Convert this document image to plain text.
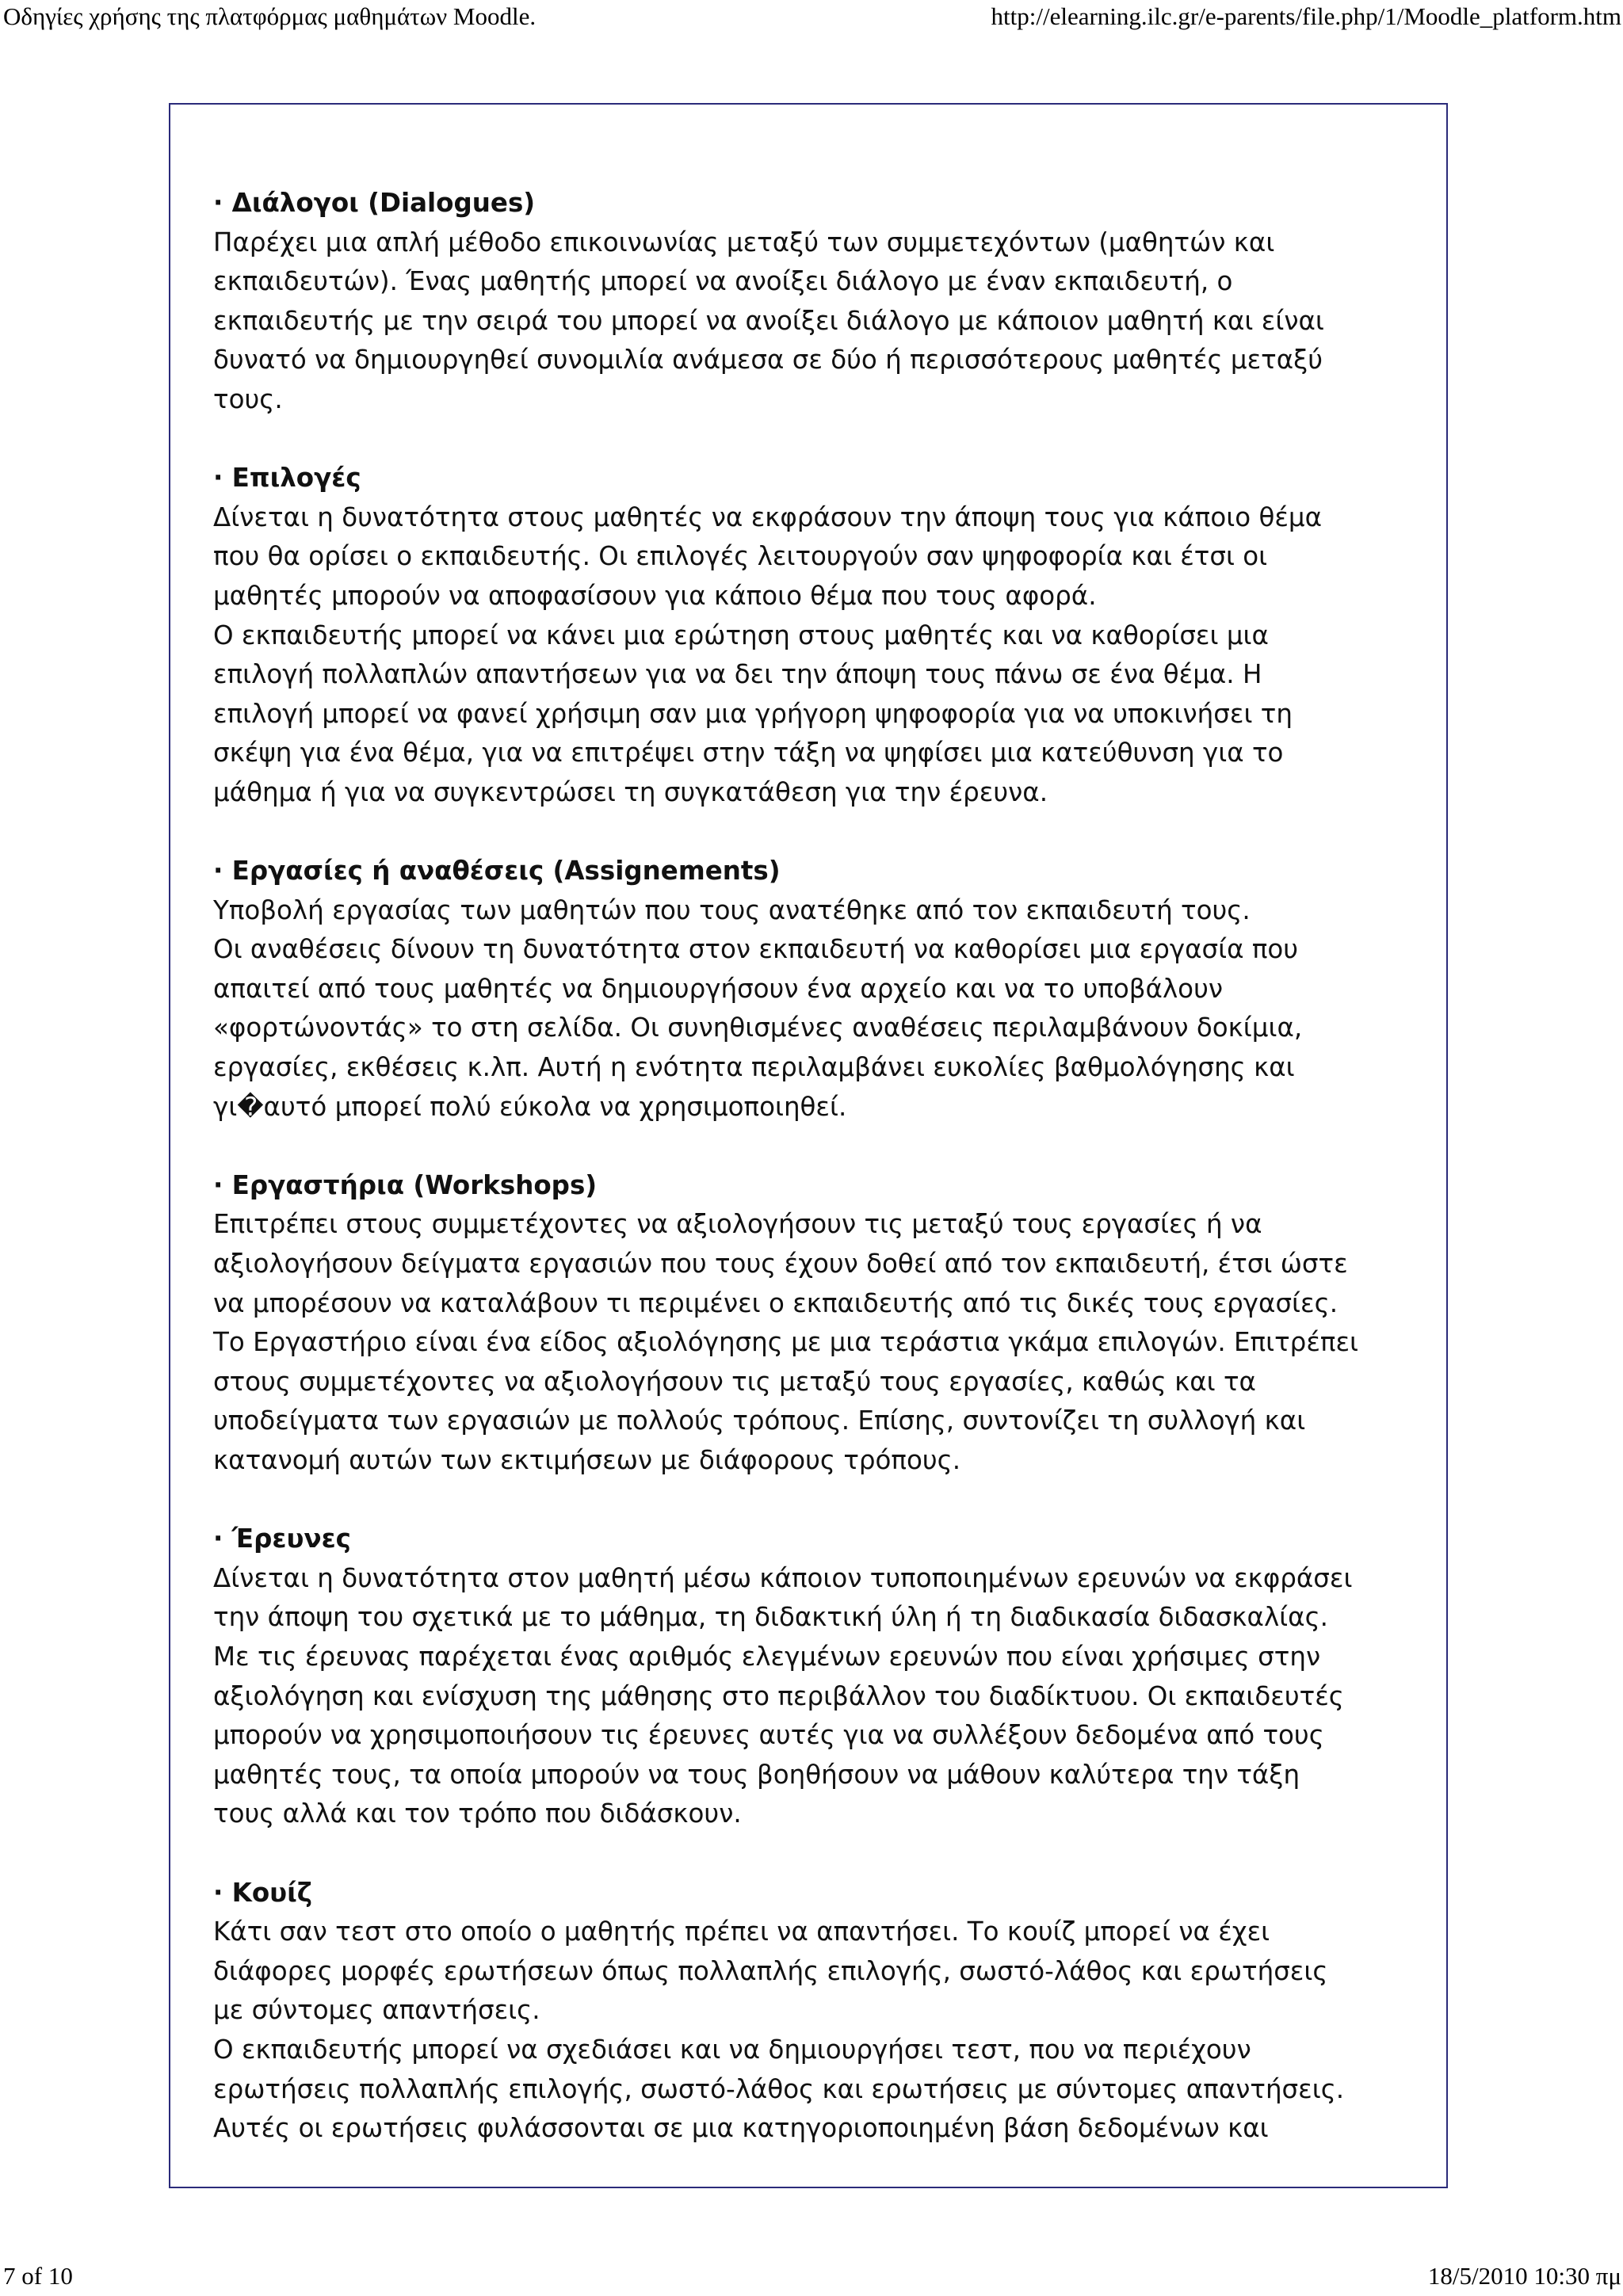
Οδηγίες χρήσης της πλατφόρμας μαθημάτων Moodle.	http://elearning.ilc.gr/e-parents/file.php/1/Moodle_platform.htm
· Διάλογοι (Dialogues)
Παρέχει μια απλή μέθοδο επικοινωνίας μεταξύ των συμμετεχόντων (μαθητών και
εκπαιδευτών). Ένας μαθητής μπορεί να ανοίξει διάλογο με έναν εκπαιδευτή, ο
εκπαιδευτής με την σειρά του μπορεί να ανοίξει διάλογο με κάποιον μαθητή και είναι
δυνατό να δημιουργηθεί συνομιλία ανάμεσα σε δύο ή περισσότερους μαθητές μεταξύ
τους.
· Επιλογές
Δίνεται η δυνατότητα στους μαθητές να εκφράσουν την άποψη τους για κάποιο θέμα
που θα ορίσει ο εκπαιδευτής. Οι επιλογές λειτουργούν σαν ψηφοφορία και έτσι οι
μαθητές μπορούν να αποφασίσουν για κάποιο θέμα που τους αφορά.
Ο εκπαιδευτής μπορεί να κάνει μια ερώτηση στους μαθητές και να καθορίσει μια
επιλογή πολλαπλών απαντήσεων για να δει την άποψη τους πάνω σε ένα θέμα. Η
επιλογή μπορεί να φανεί χρήσιμη σαν μια γρήγορη ψηφοφορία για να υποκινήσει τη
σκέψη για ένα θέμα, για να επιτρέψει στην τάξη να ψηφίσει μια κατεύθυνση για το
μάθημα ή για να συγκεντρώσει τη συγκατάθεση για την έρευνα.
· Εργασίες ή αναθέσεις (Assignements)
Υποβολή εργασίας των μαθητών που τους ανατέθηκε από τον εκπαιδευτή τους.
Οι αναθέσεις δίνουν τη δυνατότητα στον εκπαιδευτή να καθορίσει μια εργασία που
απαιτεί από τους μαθητές να δημιουργήσουν ένα αρχείο και να το υποβάλουν
«φορτώνοντάς» το στη σελίδα. Οι συνηθισμένες αναθέσεις περιλαμβάνουν δοκίμια,
εργασίες, εκθέσεις κ.λπ. Αυτή η ενότητα περιλαμβάνει ευκολίες βαθμολόγησης και
γι�αυτό μπορεί πολύ εύκολα να χρησιμοποιηθεί.
· Εργαστήρια (Workshops)
Επιτρέπει στους συμμετέχοντες να αξιολογήσουν τις μεταξύ τους εργασίες ή να
αξιολογήσουν δείγματα εργασιών που τους έχουν δοθεί από τον εκπαιδευτή, έτσι ώστε
να μπορέσουν να καταλάβουν τι περιμένει ο εκπαιδευτής από τις δικές τους εργασίες.
Το Εργαστήριο είναι ένα είδος αξιολόγησης με μια τεράστια γκάμα επιλογών. Επιτρέπει
στους συμμετέχοντες να αξιολογήσουν τις μεταξύ τους εργασίες, καθώς και τα
υποδείγματα των εργασιών με πολλούς τρόπους. Επίσης, συντονίζει τη συλλογή και
κατανομή αυτών των εκτιμήσεων με διάφορους τρόπους.
· Έρευνες
Δίνεται η δυνατότητα στον μαθητή μέσω κάποιον τυποποιημένων ερευνών να εκφράσει
την άποψη του σχετικά με το μάθημα, τη διδακτική ύλη ή τη διαδικασία διδασκαλίας.
Με τις έρευνας παρέχεται ένας αριθμός ελεγμένων ερευνών που είναι χρήσιμες στην
αξιολόγηση και ενίσχυση της μάθησης στο περιβάλλον του διαδίκτυου. Οι εκπαιδευτές
μπορούν να χρησιμοποιήσουν τις έρευνες αυτές για να συλλέξουν δεδομένα από τους
μαθητές τους, τα οποία μπορούν να τους βοηθήσουν να μάθουν καλύτερα την τάξη
τους αλλά και τον τρόπο που διδάσκουν.
· Κουίζ
Κάτι σαν τεστ στο οποίο ο μαθητής πρέπει να απαντήσει. Το κουίζ μπορεί να έχει
διάφορες μορφές ερωτήσεων όπως πολλαπλής επιλογής, σωστό-λάθος και ερωτήσεις
με σύντομες απαντήσεις.
Ο εκπαιδευτής μπορεί να σχεδιάσει και να δημιουργήσει τεστ, που να περιέχουν
ερωτήσεις πολλαπλής επιλογής, σωστό-λάθος και ερωτήσεις με σύντομες απαντήσεις.
Αυτές οι ερωτήσεις φυλάσσονται σε μια κατηγοριοποιημένη βάση δεδομένων και
7 of 10	18/5/2010 10:30 πμ
